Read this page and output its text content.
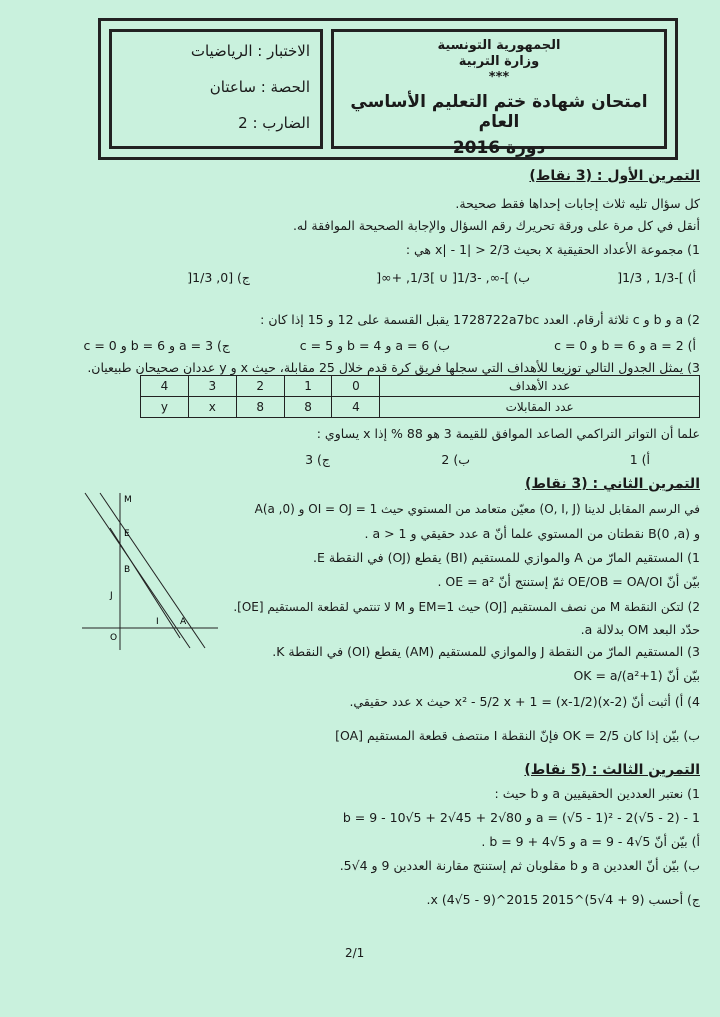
الاختبار : الرياضيات
الحصة : ساعتان
الضارب : 2
الجمهورية التونسية
وزارة التربية
***
امتحان شهادة ختم التعليم الأساسي العام
دورة 2016
التمرين الأول : (3 نقاط)
كل سؤال تليه ثلاث إجابات إحداها فقط صحيحة.
أنقل في كل مرة على ورقة تحريرك رقم السؤال والإجابة الصحيحة الموافقة له.
1) مجموعة الأعداد الحقيقية x بحيث 2/3 < |x| - 1 هي :
أ) ]-1/3 , 1/3[
ب) ]-∞, -1/3[ ∪ ]1/3, +∞[
ج) [0, 1/3[
2) a و b و c ثلاثة أرقام. العدد 1728722a7bc يقبل القسمة على 12 و 15 إذا كان :
أ) a = 2 و b = 6 و c = 0
ب) a = 6 و b = 4 و c = 5
ج) a = 3 و b = 6 و c = 0
3) يمثل الجدول التالي توزيعا للأهداف التي سجلها فريق كرة قدم خلال 25 مقابلة، حيث x و y عددان صحيحان طبيعيان.
عدد الأهداف	0	1	2	3	4
عدد المقابلات	4	8	8	x	y
علما أن التواتر التراكمي الصاعد الموافق للقيمة 3 هو 88 % إذا x يساوي :
أ) 1
ب) 2
ج) 3
التمرين الثاني : (3 نقاط)
في الرسم المقابل لدينا (O, I, J) معيّن متعامد من المستوي حيث OI = OJ = 1 و (A(a ,0
و (B(0 ,a نقطتان من المستوي علما أنّ a عدد حقيقي و a > 1 .
1) المستقيم المارّ من A والموازي للمستقيم (BI) يقطع (OJ) في النقطة E.
بيّن أنّ OE/OB = OA/OI ثمّ إستنتج أنّ OE = a² .
2) لتكن النقطة M من نصف المستقيم [OJ) حيث EM=1 و M لا تنتمي لقطعة المستقيم [OE].
حدّد البعد OM بدلالة a.
3) المستقيم المارّ من النقطة J والموازي للمستقيم (AM) يقطع (OI) في النقطة K.
بيّن أنّ OK = a/(a²+1)
4) أ) أثبت أنّ (x-2)(x-1/2) = x² - 5/2 x + 1 حيث x عدد حقيقي.
ب) بيّن إذا كان OK = 2/5 فإنّ النقطة I منتصف قطعة المستقيم [OA]
M
E
B
J
O
I A
التمرين الثالث : (5 نقاط)
1) نعتبر العددين الحقيقيين a و b حيث :
a = (√5 - 1)² - 2(√5 - 2) - 1 و b = 9 - 10√5 + 2√45 + 2√80
أ) بيّن أنّ a = 9 - 4√5 و b = 9 + 4√5 .
ب) بيّن أنّ العددين a و b مقلوبان ثم إستنتج مقارنة العددين 9 و 4√5.
ج) أحسب (9 + 4√5)^2015 x (4√5 - 9)^2015.
2/1
